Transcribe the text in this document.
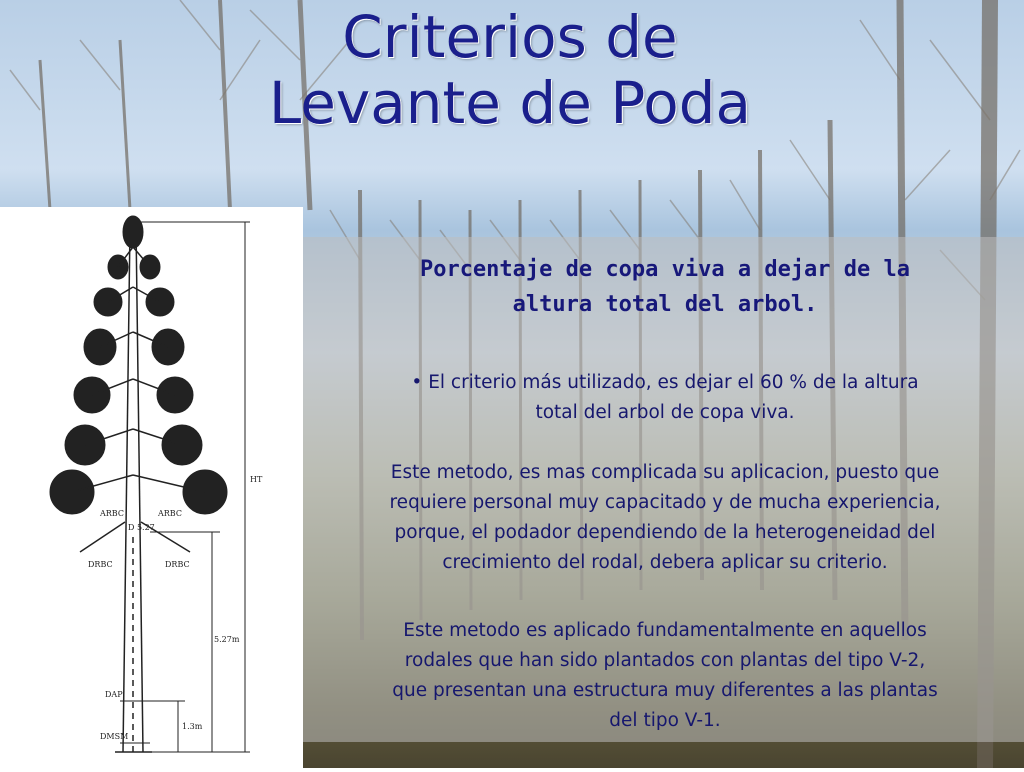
Criterios de
Levante de Poda
HT
ARBC	ARBC
D 5.27
DRBC	DRBC
5.27m
DAP
DMSM
1.3m
Porcentaje de copa viva a dejar de la
altura total del arbol.
• El criterio más utilizado, es dejar el 60 % de la altura
total del arbol de copa viva.
Este metodo, es mas complicada su aplicacion, puesto que
requiere personal muy capacitado y de mucha experiencia,
porque, el podador dependiendo de la heterogeneidad del
crecimiento del rodal, debera aplicar su criterio.
Este metodo es aplicado fundamentalmente en aquellos
rodales que han sido plantados con plantas del tipo V-2,
que presentan una estructura muy diferentes a las plantas
del tipo V-1.
